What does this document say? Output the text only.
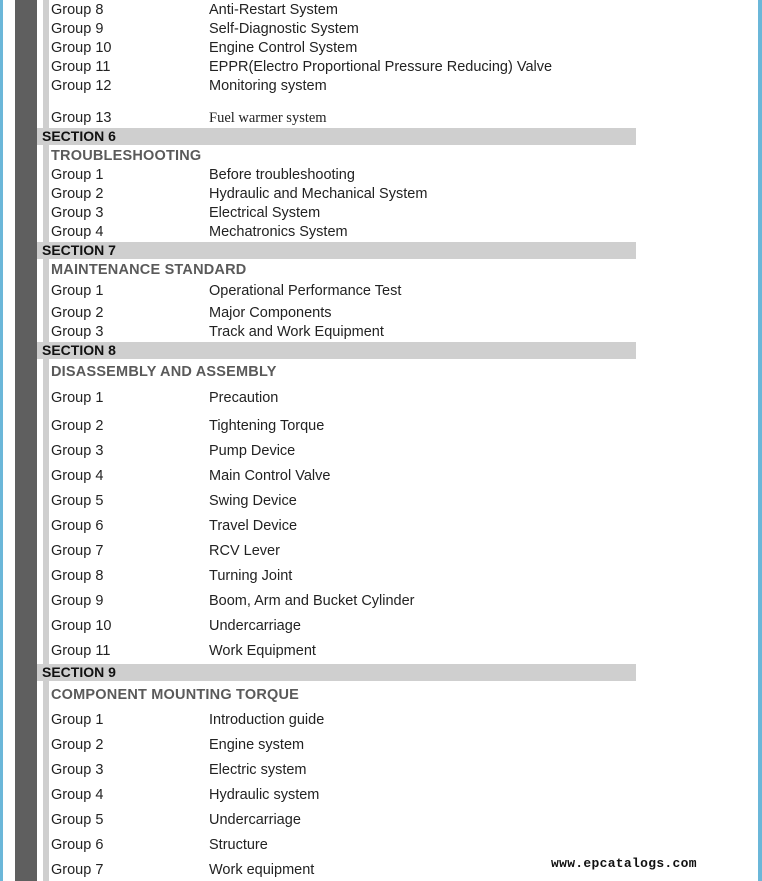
Group 8	Anti-Restart System
Group 9	Self-Diagnostic System
Group 10	Engine Control System
Group 11	EPPR(Electro Proportional Pressure Reducing) Valve
Group 12	Monitoring system
Group 13	Fuel warmer system
SECTION 6
TROUBLESHOOTING
Group 1	Before troubleshooting
Group 2	Hydraulic and Mechanical System
Group 3	Electrical System
Group 4	Mechatronics System
SECTION 7
MAINTENANCE STANDARD
Group 1	Operational Performance Test
Group 2	Major Components
Group 3	Track and Work Equipment
SECTION 8
DISASSEMBLY AND ASSEMBLY
Group 1	Precaution
Group 2	Tightening Torque
Group 3	Pump Device
Group 4	Main Control Valve
Group 5	Swing Device
Group 6	Travel Device
Group 7	RCV Lever
Group 8	Turning Joint
Group 9	Boom, Arm and Bucket Cylinder
Group 10	Undercarriage
Group 11	Work Equipment
SECTION 9
COMPONENT MOUNTING TORQUE
Group 1	Introduction guide
Group 2	Engine system
Group 3	Electric system
Group 4	Hydraulic system
Group 5	Undercarriage
Group 6	Structure
Group 7	Work equipment	www.epcatalogs.com
